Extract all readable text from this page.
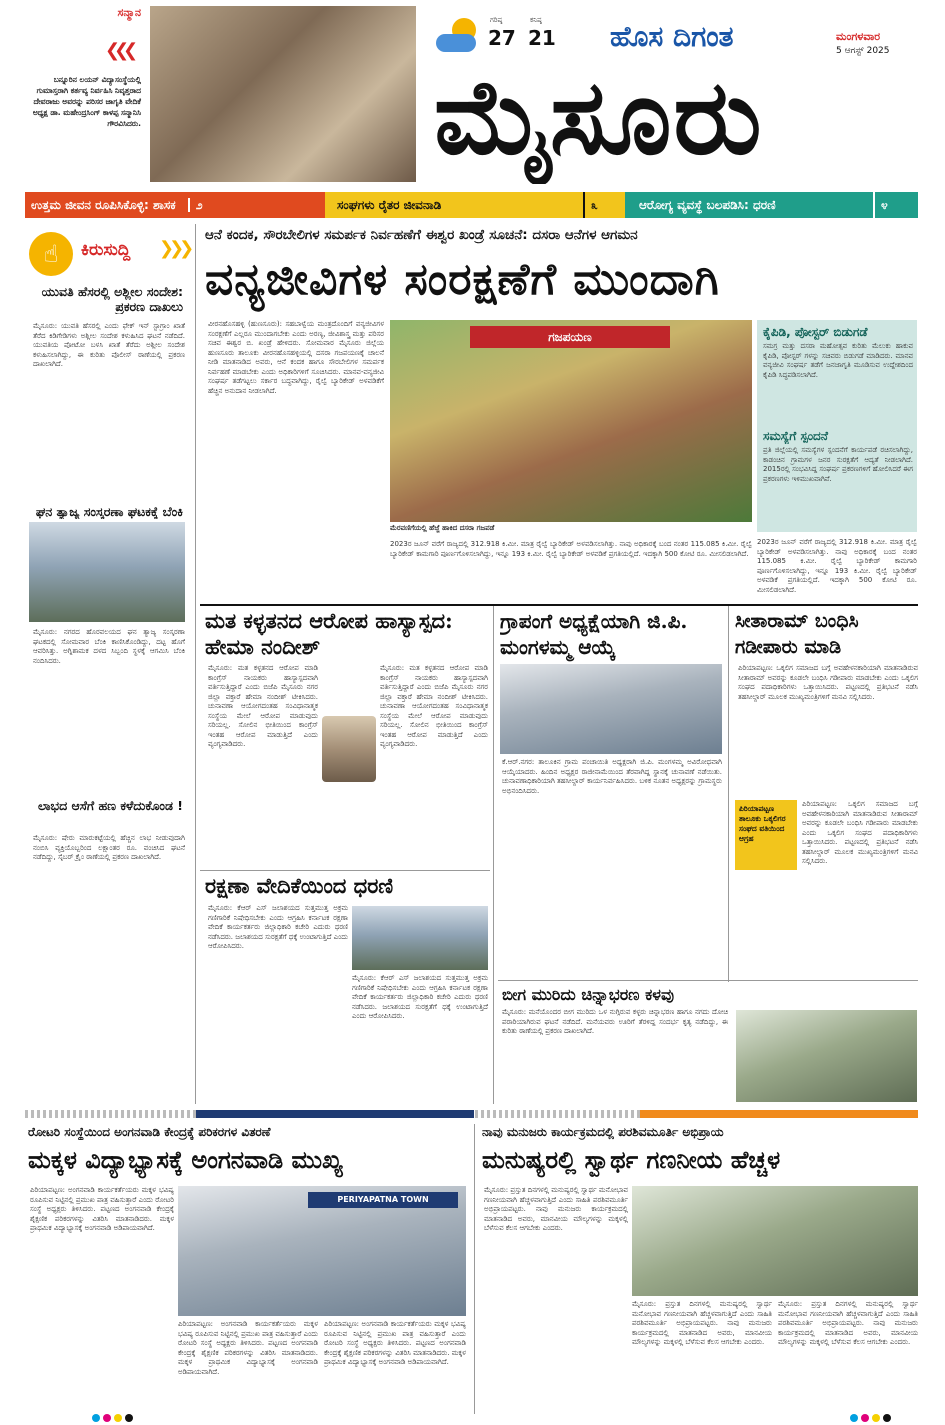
ಸನ್ಮಾನ
❮❮❮
ಬನ್ನೂರಿನ ಲಯನ್ ವಿದ್ಯಾಸಂಸ್ಥೆಯಲ್ಲಿ ಗುಮಾಸ್ತರಾಗಿ ಕರ್ತವ್ಯ ನಿರ್ವಹಿಸಿ ನಿವೃತ್ತರಾದ ದೇವರಾಜು ಅವರನ್ನು ಪರಿಸರ ಜಾಗೃತಿ ವೇದಿಕೆ ಅಧ್ಯಕ್ಷ ಡಾ. ಮಹೇಂದ್ರಸಿಂಗ್ ಕಾಳಪ್ಪ ಸನ್ಮಾನಿಸಿ ಗೌರವಿಸಿದರು.
ಗರಿಷ್ಠ
27
ಕನಿಷ್ಠ
21 ಹೊಸ ದಿಗಂತ	ಮಂಗಳವಾರ
5 ಆಗಸ್ಟ್ 2025
ಮೈಸೂರು
ಉತ್ತಮ ಜೀವನ ರೂಪಿಸಿಕೊಳ್ಳಿ: ಶಾಸಕ ೨	ಸಂಘಗಳು ರೈತರ ಜೀವನಾಡಿ	೩	ಆರೋಗ್ಯ ವ್ಯವಸ್ಥೆ ಬಲಪಡಿಸಿ: ಧರಣಿ	೪
☝	ಕಿರುಸುದ್ದಿ ❯❯❯
ಯುವತಿ ಹೆಸರಲ್ಲಿ ಅಶ್ಲೀಲ ಸಂದೇಶ: ಪ್ರಕರಣ ದಾಖಲು
ಮೈಸೂರು: ಯುವತಿ ಹೆಸರಲ್ಲಿ ಎಂದು ಫೇಕ್ ಇನ್ ಸ್ಟಾಗ್ರಾಂ ಖಾತೆ ತೆರೆದ ಕಿಡಿಗೇಡಿಗಳು ಅಶ್ಲೀಲ ಸಂದೇಶ ಕಳುಹಿಸಿದ ಘಟನೆ ನಡೆದಿದೆ. ಯುವತಿಯ ಪೋಟೋ ಬಳಸಿ ಖಾತೆ ತೆರೆದು ಅಶ್ಲೀಲ ಸಂದೇಶ ಕಳುಹಿಸಲಾಗಿದ್ದು, ಈ ಕುರಿತು ಪೊಲೀಸ್ ಠಾಣೆಯಲ್ಲಿ ಪ್ರಕರಣ ದಾಖಲಾಗಿದೆ.
ಘನ ತ್ಯಾಜ್ಯ ಸಂಸ್ಕರಣಾ ಘಟಕಕ್ಕೆ ಬೆಂಕಿ
ಮೈಸೂರು: ನಗರದ ಹೊರವಲಯದ ಘನ ತ್ಯಾಜ್ಯ ಸಂಸ್ಕರಣಾ ಘಟಕದಲ್ಲಿ ಸೋಮವಾರ ಬೆಂಕಿ ಕಾಣಿಸಿಕೊಂಡಿದ್ದು, ದಟ್ಟ ಹೊಗೆ ಆವರಿಸಿತ್ತು. ಅಗ್ನಿಶಾಮಕ ದಳದ ಸಿಬ್ಬಂದಿ ಸ್ಥಳಕ್ಕೆ ಆಗಮಿಸಿ ಬೆಂಕಿ ನಂದಿಸಿದರು.
ಲಾಭದ ಆಸೆಗೆ ಹಣ ಕಳೆದುಕೊಂಡ !
ಮೈಸೂರು: ಷೇರು ಮಾರುಕಟ್ಟೆಯಲ್ಲಿ ಹೆಚ್ಚಿನ ಲಾಭ ನೀಡುವುದಾಗಿ ನಂಬಿಸಿ ವ್ಯಕ್ತಿಯೊಬ್ಬರಿಂದ ಲಕ್ಷಾಂತರ ರೂ. ವಂಚಿಸಿದ ಘಟನೆ ನಡೆದಿದ್ದು, ಸೈಬರ್ ಕ್ರೈಂ ಠಾಣೆಯಲ್ಲಿ ಪ್ರಕರಣ ದಾಖಲಾಗಿದೆ.
ಆನೆ ಕಂದಕ, ಸೌರಬೇಲಿಗಳ ಸಮರ್ಪಕ ನಿರ್ವಹಣೆಗೆ ಈಶ್ವರ ಖಂಡ್ರೆ ಸೂಚನೆ: ದಸರಾ ಆನೆಗಳ ಆಗಮನ
ವನ್ಯಜೀವಿಗಳ ಸಂರಕ್ಷಣೆಗೆ ಮುಂದಾಗಿ
ವೀರನಹೊಸಹಳ್ಳಿ (ಹುಣಸೂರು): ಸಹಬಾಳ್ವೆಯ ಮಂತ್ರದೊಂದಿಗೆ ವನ್ಯಜೀವಿಗಳ ಸಂರಕ್ಷಣೆಗೆ ಎಲ್ಲರೂ ಮುಂದಾಗಬೇಕು ಎಂದು ಅರಣ್ಯ, ಜೀವಿಶಾಸ್ತ್ರ ಮತ್ತು ಪರಿಸರ ಸಚಿವ ಈಶ್ವರ ಬಿ. ಖಂಡ್ರೆ ಹೇಳಿದರು. ಸೋಮವಾರ ಮೈಸೂರು ಜಿಲ್ಲೆಯ ಹುಣಸೂರು ತಾಲೂಕು ವೀರನಹೊಸಹಳ್ಳಿಯಲ್ಲಿ ದಸರಾ ಗಜಪಯಣಕ್ಕೆ ಚಾಲನೆ ನೀಡಿ ಮಾತನಾಡಿದ ಅವರು, ಆನೆ ಕಂದಕ ಹಾಗೂ ಸೌರಬೇಲಿಗಳ ಸಮರ್ಪಕ ನಿರ್ವಹಣೆ ಮಾಡಬೇಕು ಎಂದು ಅಧಿಕಾರಿಗಳಿಗೆ ಸೂಚಿಸಿದರು. ಮಾನವ-ವನ್ಯಜೀವಿ ಸಂಘರ್ಷ ತಡೆಗಟ್ಟಲು ಸರ್ಕಾರ ಬದ್ಧವಾಗಿದ್ದು, ರೈಲ್ವೆ ಬ್ಯಾರಿಕೇಡ್ ಅಳವಡಿಕೆಗೆ ಹೆಚ್ಚಿನ ಅನುದಾನ ನೀಡಲಾಗಿದೆ.
ಗಜಪಯಣ
ಮೆರವಣಿಗೆಯಲ್ಲಿ ಹೆಜ್ಜೆ ಹಾಕಿದ ದಸರಾ ಗಜಪಡೆ
2023ರ ಜೂನ್ ವರೆಗೆ ರಾಜ್ಯದಲ್ಲಿ 312.918 ಕಿ.ಮೀ. ಮಾತ್ರ ರೈಲ್ವೆ ಬ್ಯಾರಿಕೇಡ್ ಅಳವಡಿಸಲಾಗಿತ್ತು. ನಾವು ಅಧಿಕಾರಕ್ಕೆ ಬಂದ ನಂತರ 115.085 ಕಿ.ಮೀ. ರೈಲ್ವೆ ಬ್ಯಾರಿಕೇಡ್ ಕಾಮಗಾರಿ ಪೂರ್ಣಗೊಳಿಸಲಾಗಿದ್ದು, ಇನ್ನೂ 193 ಕಿ.ಮೀ. ರೈಲ್ವೆ ಬ್ಯಾರಿಕೇಡ್ ಅಳವಡಿಕೆ ಪ್ರಗತಿಯಲ್ಲಿದೆ. ಇದಕ್ಕಾಗಿ 500 ಕೋಟಿ ರೂ. ಮೀಸಲಿಡಲಾಗಿದೆ.
ಕೈಪಿಡಿ, ಪೋಸ್ಟರ್ ಬಿಡುಗಡೆ
ಸಮಗ್ರ ಮತ್ತು ದಸರಾ ಮಹೋತ್ಸವ ಕುರಿತು ಮೆಲುಕು ಹಾಕುವ ಕೈಪಿಡಿ, ಪೋಸ್ಟರ್ ಗಳನ್ನು ಸಚಿವರು ಬಿಡುಗಡೆ ಮಾಡಿದರು. ಮಾನವ ವನ್ಯಜೀವಿ ಸಂಘರ್ಷ ತಡೆಗೆ ಜನಜಾಗೃತಿ ಮೂಡಿಸುವ ಉದ್ದೇಶದಿಂದ ಕೈಪಿಡಿ ಸಿದ್ಧಪಡಿಸಲಾಗಿದೆ.
ಸಮಸ್ಯೆಗೆ ಸ್ಪಂದನೆ
ಪ್ರತಿ ಜಿಲ್ಲೆಯಲ್ಲಿ ಸಮಸ್ಯೆಗಳ ಸ್ಪಂದನೆಗೆ ಕಾರ್ಯಪಡೆ ರಚಿಸಲಾಗಿದ್ದು, ಕಾಡಂಚಿನ ಗ್ರಾಮಗಳ ಜನರ ಸುರಕ್ಷತೆಗೆ ಆದ್ಯತೆ ನೀಡಲಾಗಿದೆ. 2015ರಲ್ಲಿ ಸಂಭವಿಸಿದ್ದ ಸಂಘರ್ಷ ಪ್ರಕರಣಗಳಿಗೆ ಹೋಲಿಸಿದರೆ ಈಗ ಪ್ರಕರಣಗಳು ಇಳಿಮುಖವಾಗಿವೆ.
2023ರ ಜೂನ್ ವರೆಗೆ ರಾಜ್ಯದಲ್ಲಿ 312.918 ಕಿ.ಮೀ. ಮಾತ್ರ ರೈಲ್ವೆ ಬ್ಯಾರಿಕೇಡ್ ಅಳವಡಿಸಲಾಗಿತ್ತು. ನಾವು ಅಧಿಕಾರಕ್ಕೆ ಬಂದ ನಂತರ 115.085 ಕಿ.ಮೀ. ರೈಲ್ವೆ ಬ್ಯಾರಿಕೇಡ್ ಕಾಮಗಾರಿ ಪೂರ್ಣಗೊಳಿಸಲಾಗಿದ್ದು, ಇನ್ನೂ 193 ಕಿ.ಮೀ. ರೈಲ್ವೆ ಬ್ಯಾರಿಕೇಡ್ ಅಳವಡಿಕೆ ಪ್ರಗತಿಯಲ್ಲಿದೆ. ಇದಕ್ಕಾಗಿ 500 ಕೋಟಿ ರೂ. ಮೀಸಲಿಡಲಾಗಿದೆ.
ಮತ ಕಳ್ಳತನದ ಆರೋಪ ಹಾಸ್ಯಾಸ್ಪದ: ಹೇಮಾ ನಂದೀಶ್
ಮೈಸೂರು: ಮತ ಕಳ್ಳತನದ ಆರೋಪ ಮಾಡಿ ಕಾಂಗ್ರೆಸ್ ನಾಯಕರು ಹಾಸ್ಯಾಸ್ಪದವಾಗಿ ವರ್ತಿಸುತ್ತಿದ್ದಾರೆ ಎಂದು ಬಿಜೆಪಿ ಮೈಸೂರು ನಗರ ಜಿಲ್ಲಾ ವಕ್ತಾರೆ ಹೇಮಾ ನಂದೀಶ್ ಟೀಕಿಸಿದರು. ಚುನಾವಣಾ ಆಯೋಗದಂತಹ ಸಂವಿಧಾನಾತ್ಮಕ ಸಂಸ್ಥೆಯ ಮೇಲೆ ಆರೋಪ ಮಾಡುವುದು ಸರಿಯಲ್ಲ. ಸೋಲಿನ ಭೀತಿಯಿಂದ ಕಾಂಗ್ರೆಸ್ ಇಂತಹ ಆರೋಪ ಮಾಡುತ್ತಿದೆ ಎಂದು ವ್ಯಂಗ್ಯವಾಡಿದರು.
ಮೈಸೂರು: ಮತ ಕಳ್ಳತನದ ಆರೋಪ ಮಾಡಿ ಕಾಂಗ್ರೆಸ್ ನಾಯಕರು ಹಾಸ್ಯಾಸ್ಪದವಾಗಿ ವರ್ತಿಸುತ್ತಿದ್ದಾರೆ ಎಂದು ಬಿಜೆಪಿ ಮೈಸೂರು ನಗರ ಜಿಲ್ಲಾ ವಕ್ತಾರೆ ಹೇಮಾ ನಂದೀಶ್ ಟೀಕಿಸಿದರು. ಚುನಾವಣಾ ಆಯೋಗದಂತಹ ಸಂವಿಧಾನಾತ್ಮಕ ಸಂಸ್ಥೆಯ ಮೇಲೆ ಆರೋಪ ಮಾಡುವುದು ಸರಿಯಲ್ಲ. ಸೋಲಿನ ಭೀತಿಯಿಂದ ಕಾಂಗ್ರೆಸ್ ಇಂತಹ ಆರೋಪ ಮಾಡುತ್ತಿದೆ ಎಂದು ವ್ಯಂಗ್ಯವಾಡಿದರು.
ಗ್ರಾಪಂಗೆ ಅಧ್ಯಕ್ಷೆಯಾಗಿ ಜಿ.ಪಿ. ಮಂಗಳಮ್ಮ ಆಯ್ಕೆ
ಕೆ.ಆರ್.ನಗರ: ತಾಲೂಕಿನ ಗ್ರಾಮ ಪಂಚಾಯಿತಿ ಅಧ್ಯಕ್ಷರಾಗಿ ಜಿ.ಪಿ. ಮಂಗಳಮ್ಮ ಅವಿರೋಧವಾಗಿ ಆಯ್ಕೆಯಾದರು. ಹಿಂದಿನ ಅಧ್ಯಕ್ಷರ ರಾಜೀನಾಮೆಯಿಂದ ತೆರವಾಗಿದ್ದ ಸ್ಥಾನಕ್ಕೆ ಚುನಾವಣೆ ನಡೆಯಿತು. ಚುನಾವಣಾಧಿಕಾರಿಯಾಗಿ ತಹಸೀಲ್ದಾರ್ ಕಾರ್ಯನಿರ್ವಹಿಸಿದರು. ಬಳಿಕ ನೂತನ ಅಧ್ಯಕ್ಷರನ್ನು ಗ್ರಾಮಸ್ಥರು ಅಭಿನಂದಿಸಿದರು.
ಸೀತಾರಾಮ್ ಬಂಧಿಸಿ ಗಡೀಪಾರು ಮಾಡಿ
ಪಿರಿಯಾಪಟ್ಟಣ: ಒಕ್ಕಲಿಗ ಸಮಾಜದ ಬಗ್ಗೆ ಅವಹೇಳನಕಾರಿಯಾಗಿ ಮಾತನಾಡಿರುವ ಸೀತಾರಾಮ್ ಅವರನ್ನು ಕೂಡಲೇ ಬಂಧಿಸಿ ಗಡೀಪಾರು ಮಾಡಬೇಕು ಎಂದು ಒಕ್ಕಲಿಗ ಸಂಘದ ಪದಾಧಿಕಾರಿಗಳು ಒತ್ತಾಯಿಸಿದರು. ಪಟ್ಟಣದಲ್ಲಿ ಪ್ರತಿಭಟನೆ ನಡೆಸಿ ತಹಸೀಲ್ದಾರ್ ಮೂಲಕ ಮುಖ್ಯಮಂತ್ರಿಗಳಿಗೆ ಮನವಿ ಸಲ್ಲಿಸಿದರು.
ಪಿರಿಯಾಪಟ್ಟಣ ತಾಲೂಕು ಒಕ್ಕಲಿಗರ ಸಂಘದ ವತಿಯಿಂದ ಆಗ್ರಹ
ಪಿರಿಯಾಪಟ್ಟಣ: ಒಕ್ಕಲಿಗ ಸಮಾಜದ ಬಗ್ಗೆ ಅವಹೇಳನಕಾರಿಯಾಗಿ ಮಾತನಾಡಿರುವ ಸೀತಾರಾಮ್ ಅವರನ್ನು ಕೂಡಲೇ ಬಂಧಿಸಿ ಗಡೀಪಾರು ಮಾಡಬೇಕು ಎಂದು ಒಕ್ಕಲಿಗ ಸಂಘದ ಪದಾಧಿಕಾರಿಗಳು ಒತ್ತಾಯಿಸಿದರು. ಪಟ್ಟಣದಲ್ಲಿ ಪ್ರತಿಭಟನೆ ನಡೆಸಿ ತಹಸೀಲ್ದಾರ್ ಮೂಲಕ ಮುಖ್ಯಮಂತ್ರಿಗಳಿಗೆ ಮನವಿ ಸಲ್ಲಿಸಿದರು.
ರಕ್ಷಣಾ ವೇದಿಕೆಯಿಂದ ಧರಣಿ
ಮೈಸೂರು: ಕೆಆರ್ ಎಸ್ ಜಲಾಶಯದ ಸುತ್ತಮುತ್ತ ಅಕ್ರಮ ಗಣಿಗಾರಿಕೆ ನಿಷೇಧಿಸಬೇಕು ಎಂದು ಆಗ್ರಹಿಸಿ ಕರ್ನಾಟಕ ರಕ್ಷಣಾ ವೇದಿಕೆ ಕಾರ್ಯಕರ್ತರು ಜಿಲ್ಲಾಧಿಕಾರಿ ಕಚೇರಿ ಎದುರು ಧರಣಿ ನಡೆಸಿದರು. ಜಲಾಶಯದ ಸುರಕ್ಷತೆಗೆ ಧಕ್ಕೆ ಉಂಟಾಗುತ್ತಿದೆ ಎಂದು ಆರೋಪಿಸಿದರು.
ಮೈಸೂರು: ಕೆಆರ್ ಎಸ್ ಜಲಾಶಯದ ಸುತ್ತಮುತ್ತ ಅಕ್ರಮ ಗಣಿಗಾರಿಕೆ ನಿಷೇಧಿಸಬೇಕು ಎಂದು ಆಗ್ರಹಿಸಿ ಕರ್ನಾಟಕ ರಕ್ಷಣಾ ವೇದಿಕೆ ಕಾರ್ಯಕರ್ತರು ಜಿಲ್ಲಾಧಿಕಾರಿ ಕಚೇರಿ ಎದುರು ಧರಣಿ ನಡೆಸಿದರು. ಜಲಾಶಯದ ಸುರಕ್ಷತೆಗೆ ಧಕ್ಕೆ ಉಂಟಾಗುತ್ತಿದೆ ಎಂದು ಆರೋಪಿಸಿದರು.
ಬೀಗ ಮುರಿದು ಚಿನ್ನಾಭರಣ ಕಳವು
ಮೈಸೂರು: ಮನೆಯೊಂದರ ಬೀಗ ಮುರಿದು ಒಳ ನುಗ್ಗಿರುವ ಕಳ್ಳರು ಚಿನ್ನಾಭರಣ ಹಾಗೂ ನಗದು ದೋಚಿ ಪರಾರಿಯಾಗಿರುವ ಘಟನೆ ನಡೆದಿದೆ. ಮನೆಯವರು ಊರಿಗೆ ತೆರಳಿದ್ದ ಸಂದರ್ಭ ಕೃತ್ಯ ನಡೆದಿದ್ದು, ಈ ಕುರಿತು ಠಾಣೆಯಲ್ಲಿ ಪ್ರಕರಣ ದಾಖಲಾಗಿದೆ.
ರೋಟರಿ ಸಂಸ್ಥೆಯಿಂದ ಅಂಗನವಾಡಿ ಕೇಂದ್ರಕ್ಕೆ ಪರಿಕರಗಳ ವಿತರಣೆ
ಮಕ್ಕಳ ವಿದ್ಯಾಭ್ಯಾಸಕ್ಕೆ ಅಂಗನವಾಡಿ ಮುಖ್ಯ
ಪಿರಿಯಾಪಟ್ಟಣ: ಅಂಗನವಾಡಿ ಕಾರ್ಯಕರ್ತೆಯರು ಮಕ್ಕಳ ಭವಿಷ್ಯ ರೂಪಿಸುವ ನಿಟ್ಟಿನಲ್ಲಿ ಪ್ರಮುಖ ಪಾತ್ರ ವಹಿಸುತ್ತಾರೆ ಎಂದು ರೋಟರಿ ಸಂಸ್ಥೆ ಅಧ್ಯಕ್ಷರು ತಿಳಿಸಿದರು. ಪಟ್ಟಣದ ಅಂಗನವಾಡಿ ಕೇಂದ್ರಕ್ಕೆ ಶೈಕ್ಷಣಿಕ ಪರಿಕರಗಳನ್ನು ವಿತರಿಸಿ ಮಾತನಾಡಿದರು. ಮಕ್ಕಳ ಪ್ರಾಥಮಿಕ ವಿದ್ಯಾಭ್ಯಾಸಕ್ಕೆ ಅಂಗನವಾಡಿ ಅಡಿಪಾಯವಾಗಿದೆ.
PERIYAPATNA TOWN
ಪಿರಿಯಾಪಟ್ಟಣ: ಅಂಗನವಾಡಿ ಕಾರ್ಯಕರ್ತೆಯರು ಮಕ್ಕಳ ಭವಿಷ್ಯ ರೂಪಿಸುವ ನಿಟ್ಟಿನಲ್ಲಿ ಪ್ರಮುಖ ಪಾತ್ರ ವಹಿಸುತ್ತಾರೆ ಎಂದು ರೋಟರಿ ಸಂಸ್ಥೆ ಅಧ್ಯಕ್ಷರು ತಿಳಿಸಿದರು. ಪಟ್ಟಣದ ಅಂಗನವಾಡಿ ಕೇಂದ್ರಕ್ಕೆ ಶೈಕ್ಷಣಿಕ ಪರಿಕರಗಳನ್ನು ವಿತರಿಸಿ ಮಾತನಾಡಿದರು. ಮಕ್ಕಳ ಪ್ರಾಥಮಿಕ ವಿದ್ಯಾಭ್ಯಾಸಕ್ಕೆ ಅಂಗನವಾಡಿ ಅಡಿಪಾಯವಾಗಿದೆ.
ಪಿರಿಯಾಪಟ್ಟಣ: ಅಂಗನವಾಡಿ ಕಾರ್ಯಕರ್ತೆಯರು ಮಕ್ಕಳ ಭವಿಷ್ಯ ರೂಪಿಸುವ ನಿಟ್ಟಿನಲ್ಲಿ ಪ್ರಮುಖ ಪಾತ್ರ ವಹಿಸುತ್ತಾರೆ ಎಂದು ರೋಟರಿ ಸಂಸ್ಥೆ ಅಧ್ಯಕ್ಷರು ತಿಳಿಸಿದರು. ಪಟ್ಟಣದ ಅಂಗನವಾಡಿ ಕೇಂದ್ರಕ್ಕೆ ಶೈಕ್ಷಣಿಕ ಪರಿಕರಗಳನ್ನು ವಿತರಿಸಿ ಮಾತನಾಡಿದರು. ಮಕ್ಕಳ ಪ್ರಾಥಮಿಕ ವಿದ್ಯಾಭ್ಯಾಸಕ್ಕೆ ಅಂಗನವಾಡಿ ಅಡಿಪಾಯವಾಗಿದೆ.
ನಾವು ಮನುಜರು ಕಾರ್ಯಕ್ರಮದಲ್ಲಿ ಪರಶಿವಮೂರ್ತಿ ಅಭಿಪ್ರಾಯ
ಮನುಷ್ಯರಲ್ಲಿ ಸ್ವಾರ್ಥ ಗಣನೀಯ ಹೆಚ್ಚಳ
ಮೈಸೂರು: ಪ್ರಸ್ತುತ ದಿನಗಳಲ್ಲಿ ಮನುಷ್ಯರಲ್ಲಿ ಸ್ವಾರ್ಥ ಮನೋಭಾವ ಗಣನೀಯವಾಗಿ ಹೆಚ್ಚಳವಾಗುತ್ತಿದೆ ಎಂದು ಸಾಹಿತಿ ಪರಶಿವಮೂರ್ತಿ ಅಭಿಪ್ರಾಯಪಟ್ಟರು. ನಾವು ಮನುಜರು ಕಾರ್ಯಕ್ರಮದಲ್ಲಿ ಮಾತನಾಡಿದ ಅವರು, ಮಾನವೀಯ ಮೌಲ್ಯಗಳನ್ನು ಮಕ್ಕಳಲ್ಲಿ ಬೆಳೆಸುವ ಕೆಲಸ ಆಗಬೇಕು ಎಂದರು.
ಮೈಸೂರು: ಪ್ರಸ್ತುತ ದಿನಗಳಲ್ಲಿ ಮನುಷ್ಯರಲ್ಲಿ ಸ್ವಾರ್ಥ ಮನೋಭಾವ ಗಣನೀಯವಾಗಿ ಹೆಚ್ಚಳವಾಗುತ್ತಿದೆ ಎಂದು ಸಾಹಿತಿ ಪರಶಿವಮೂರ್ತಿ ಅಭಿಪ್ರಾಯಪಟ್ಟರು. ನಾವು ಮನುಜರು ಕಾರ್ಯಕ್ರಮದಲ್ಲಿ ಮಾತನಾಡಿದ ಅವರು, ಮಾನವೀಯ ಮೌಲ್ಯಗಳನ್ನು ಮಕ್ಕಳಲ್ಲಿ ಬೆಳೆಸುವ ಕೆಲಸ ಆಗಬೇಕು ಎಂದರು.
ಮೈಸೂರು: ಪ್ರಸ್ತುತ ದಿನಗಳಲ್ಲಿ ಮನುಷ್ಯರಲ್ಲಿ ಸ್ವಾರ್ಥ ಮನೋಭಾವ ಗಣನೀಯವಾಗಿ ಹೆಚ್ಚಳವಾಗುತ್ತಿದೆ ಎಂದು ಸಾಹಿತಿ ಪರಶಿವಮೂರ್ತಿ ಅಭಿಪ್ರಾಯಪಟ್ಟರು. ನಾವು ಮನುಜರು ಕಾರ್ಯಕ್ರಮದಲ್ಲಿ ಮಾತನಾಡಿದ ಅವರು, ಮಾನವೀಯ ಮೌಲ್ಯಗಳನ್ನು ಮಕ್ಕಳಲ್ಲಿ ಬೆಳೆಸುವ ಕೆಲಸ ಆಗಬೇಕು ಎಂದರು.
